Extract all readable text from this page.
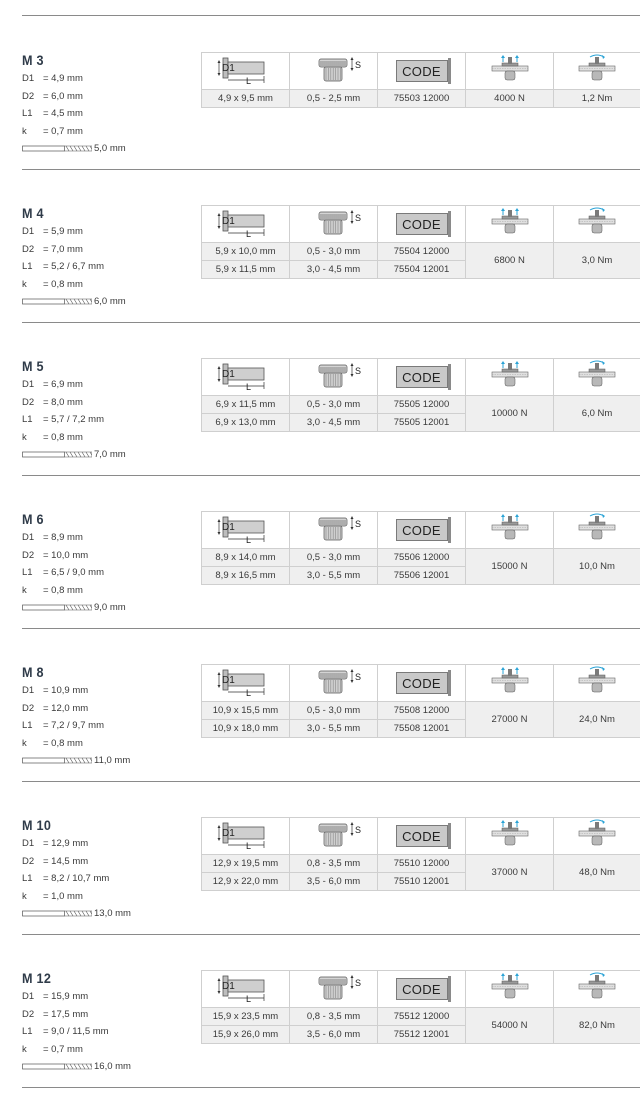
M 3
D1 = 4,9 mm
D2 = 6,0 mm
L1 = 4,5 mm
k = 0,7 mm
5,0 mm
D1
L
S	CODE
4,9 x 9,5 mm	0,5 - 2,5 mm	75503 12000	4000 N	1,2 Nm
M 4
D1 = 5,9 mm
D2 = 7,0 mm
L1 = 5,2 / 6,7 mm
k = 0,8 mm
6,0 mm
D1
L
S	CODE
5,9 x 10,0 mm	0,5 - 3,0 mm	75504 12000
5,9 x 11,5 mm	3,0 - 4,5 mm	75504 12001
6800 N	3,0 Nm
M 5
D1 = 6,9 mm
D2 = 8,0 mm
L1 = 5,7 / 7,2 mm
k = 0,8 mm
7,0 mm
D1
L
S	CODE
6,9 x 11,5 mm	0,5 - 3,0 mm	75505 12000
6,9 x 13,0 mm	3,0 - 4,5 mm	75505 12001
10000 N	6,0 Nm
M 6
D1 = 8,9 mm
D2 = 10,0 mm
L1 = 6,5 / 9,0 mm
k = 0,8 mm
9,0 mm
D1
L
S	CODE
8,9 x 14,0 mm	0,5 - 3,0 mm	75506 12000
8,9 x 16,5 mm	3,0 - 5,5 mm	75506 12001
15000 N	10,0 Nm
M 8
D1 = 10,9 mm
D2 = 12,0 mm
L1 = 7,2 / 9,7 mm
k = 0,8 mm
11,0 mm
D1
L
S	CODE
10,9 x 15,5 mm	0,5 - 3,0 mm	75508 12000
10,9 x 18,0 mm	3,0 - 5,5 mm	75508 12001
27000 N	24,0 Nm
M 10
D1 = 12,9 mm
D2 = 14,5 mm
L1 = 8,2 / 10,7 mm
k = 1,0 mm
13,0 mm
D1
L
S	CODE
12,9 x 19,5 mm	0,8 - 3,5 mm	75510 12000
12,9 x 22,0 mm	3,5 - 6,0 mm	75510 12001
37000 N	48,0 Nm
M 12
D1 = 15,9 mm
D2 = 17,5 mm
L1 = 9,0 / 11,5 mm
k = 0,7 mm
16,0 mm
D1
L
S	CODE
15,9 x 23,5 mm	0,8 - 3,5 mm	75512 12000
15,9 x 26,0 mm	3,5 - 6,0 mm	75512 12001
54000 N	82,0 Nm
